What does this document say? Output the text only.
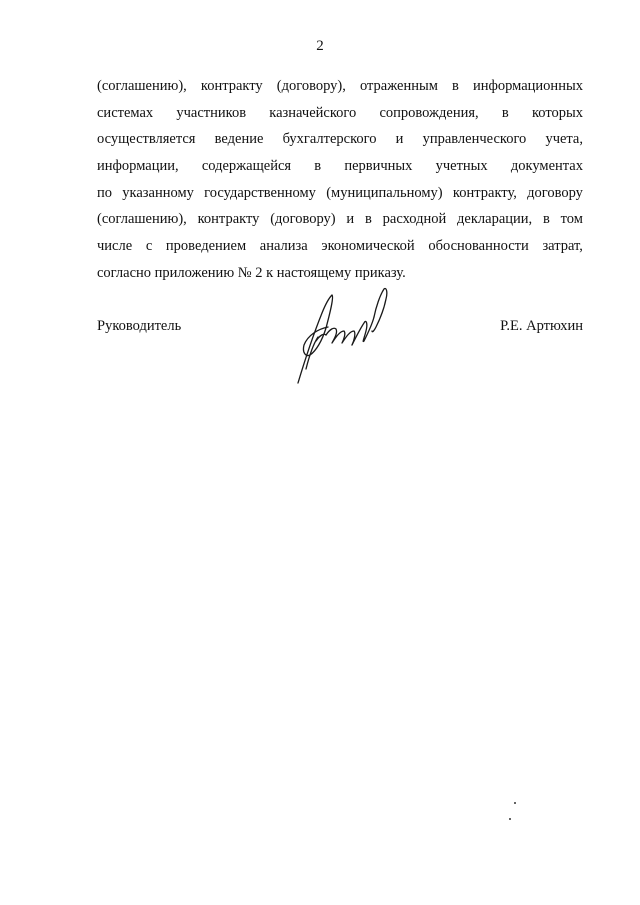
2
(соглашению), контракту (договору), отраженным в информационных
системах участников казначейского сопровождения, в которых
осуществляется ведение бухгалтерского и управленческого учета,
информации, содержащейся в первичных учетных документах
по указанному государственному (муниципальному) контракту, договору
(соглашению), контракту (договору) и в расходной декларации, в том
числе с проведением анализа экономической обоснованности затрат,
согласно приложению № 2 к настоящему приказу.
Руководитель	Р.Е. Артюхин
